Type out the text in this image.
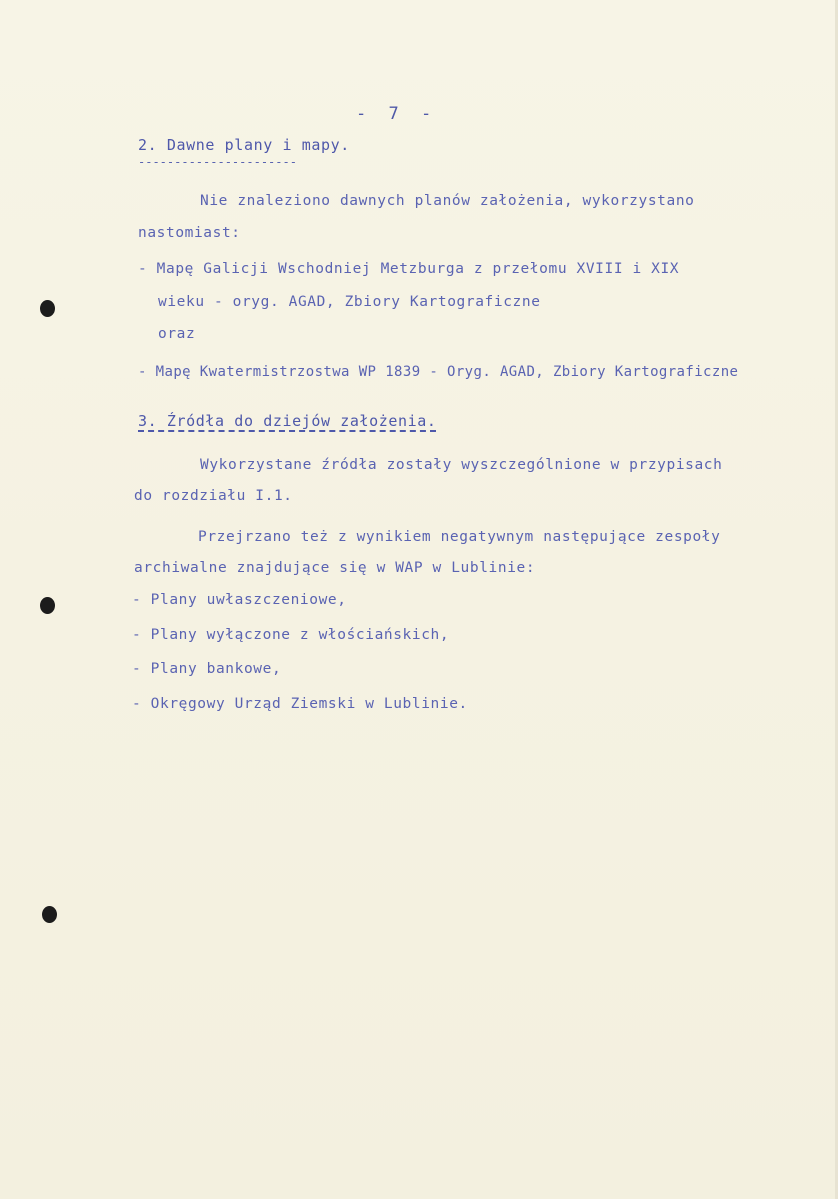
- 7 -
2. Dawne plany i mapy.
----------------------
Nie znaleziono dawnych planów założenia, wykorzystano
nastomiast:
- Mapę Galicji Wschodniej Metzburga z przełomu XVIII i XIX
wieku - oryg. AGAD, Zbiory Kartograficzne
oraz
- Mapę Kwatermistrzostwa WP 1839 - Oryg. AGAD, Zbiory Kartograficzne
3. Źródła do dziejów założenia.
Wykorzystane źródła zostały wyszczególnione w przypisach
do rozdziału I.1.
Przejrzano też z wynikiem negatywnym następujące zespoły
archiwalne znajdujące się w WAP w Lublinie:
- Plany uwłaszczeniowe,
- Plany wyłączone z włościańskich,
- Plany bankowe,
- Okręgowy Urząd Ziemski w Lublinie.
